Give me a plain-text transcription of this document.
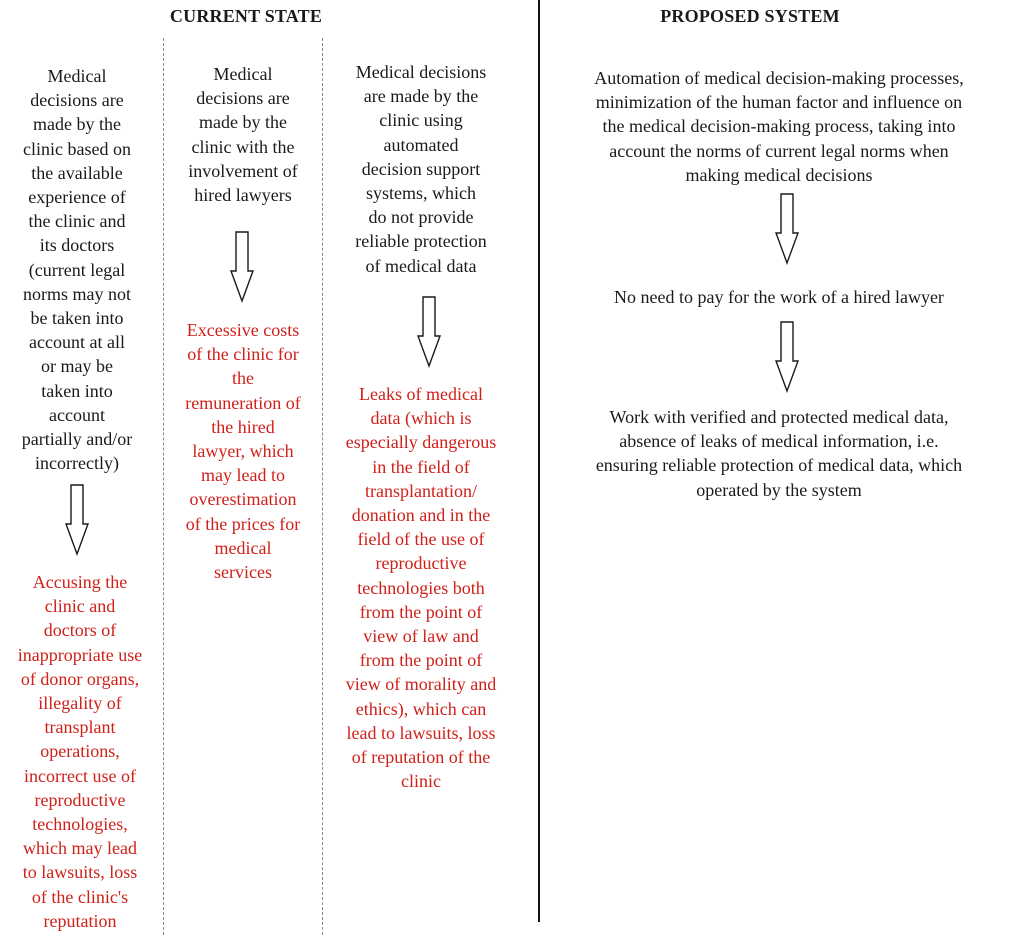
CURRENT STATE	PROPOSED SYSTEM
Medical
decisions are
made by the
clinic based on
the available
experience of
the clinic and
its doctors
(current legal
norms may not
be taken into
account at all
or may be
taken into
account
partially and/or
incorrectly)
Accusing the
clinic and
doctors of
inappropriate use
of donor organs,
illegality of
transplant
operations,
incorrect use of
reproductive
technologies,
which may lead
to lawsuits, loss
of the clinic's
reputation
Medical
decisions are
made by the
clinic with the
involvement of
hired lawyers
Excessive costs
of the clinic for
the
remuneration of
the hired
lawyer, which
may lead to
overestimation
of the prices for
medical
services
Medical decisions
are made by the
clinic using
automated
decision support
systems, which
do not provide
reliable protection
of medical data
Leaks of medical
data (which is
especially dangerous
in the field of
transplantation/
donation and in the
field of the use of
reproductive
technologies both
from the point of
view of law and
from the point of
view of morality and
ethics), which can
lead to lawsuits, loss
of reputation of the
clinic
Automation of medical decision-making processes,
minimization of the human factor and influence on
the medical decision-making process, taking into
account the norms of current legal norms when
making medical decisions
No need to pay for the work of a hired lawyer
Work with verified and protected medical data,
absence of leaks of medical information, i.e.
ensuring reliable protection of medical data, which
operated by the system
